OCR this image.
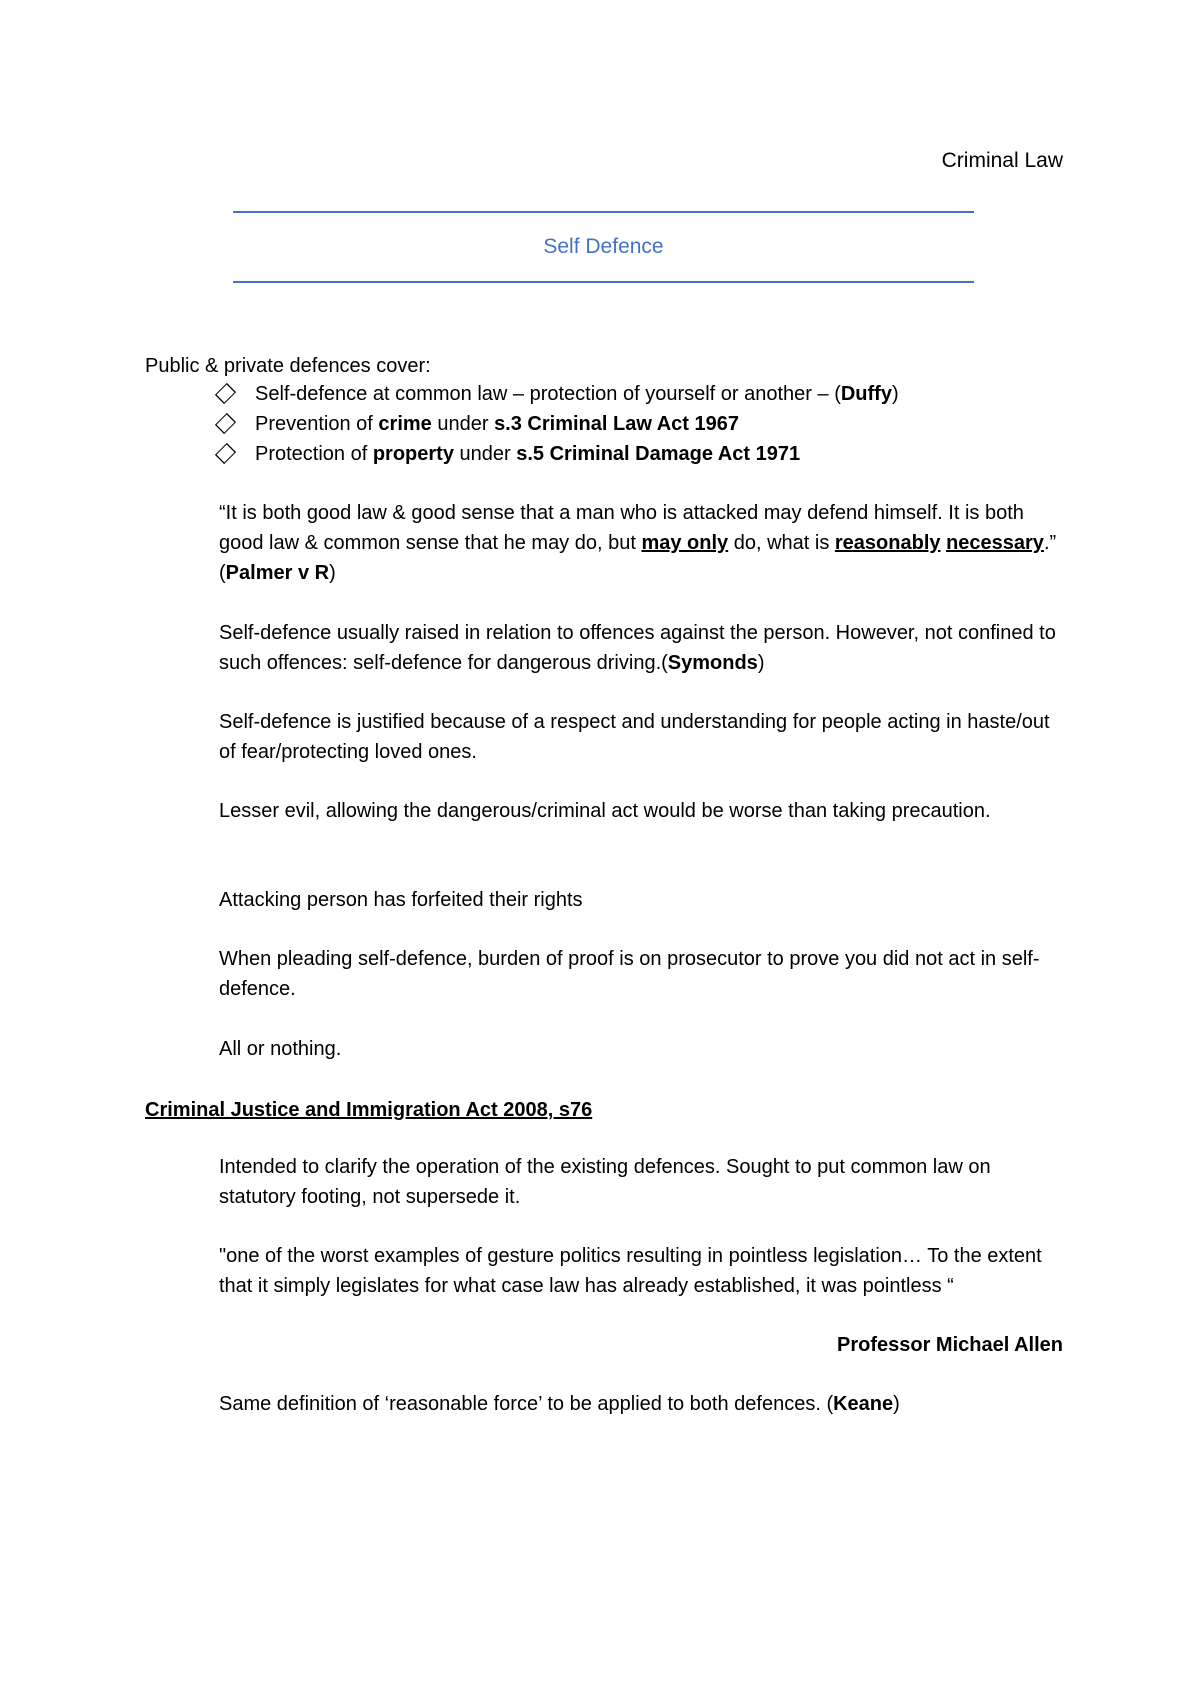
Criminal Law

Self Defence

Public & private defences cover:

Self-defence at common law – protection of yourself or another – (Duffy)
Prevention of crime under s.3 Criminal Law Act 1967
Protection of property under s.5 Criminal Damage Act 1971

“It is both good law & good sense that a man who is attacked may defend himself. It is both good law & common sense that he may do, but may only do, what is reasonably necessary.” (Palmer v R)

Self-defence usually raised in relation to offences against the person. However, not confined to such offences: self-defence for dangerous driving.(Symonds)

Self-defence is justified because of a respect and understanding for people acting in haste/out of fear/protecting loved ones.

Lesser evil, allowing the dangerous/criminal act would be worse than taking precaution.

Attacking person has forfeited their rights

When pleading self-defence, burden of proof is on prosecutor to prove you did not act in self-defence.

All or nothing.

Criminal Justice and Immigration Act 2008, s76

Intended to clarify the operation of the existing defences. Sought to put common law on statutory footing, not supersede it.

"one of the worst examples of gesture politics resulting in pointless legislation… To the extent that it simply legislates for what case law has already established, it was pointless “

Professor Michael Allen

Same definition of ‘reasonable force’ to be applied to both defences. (Keane)
